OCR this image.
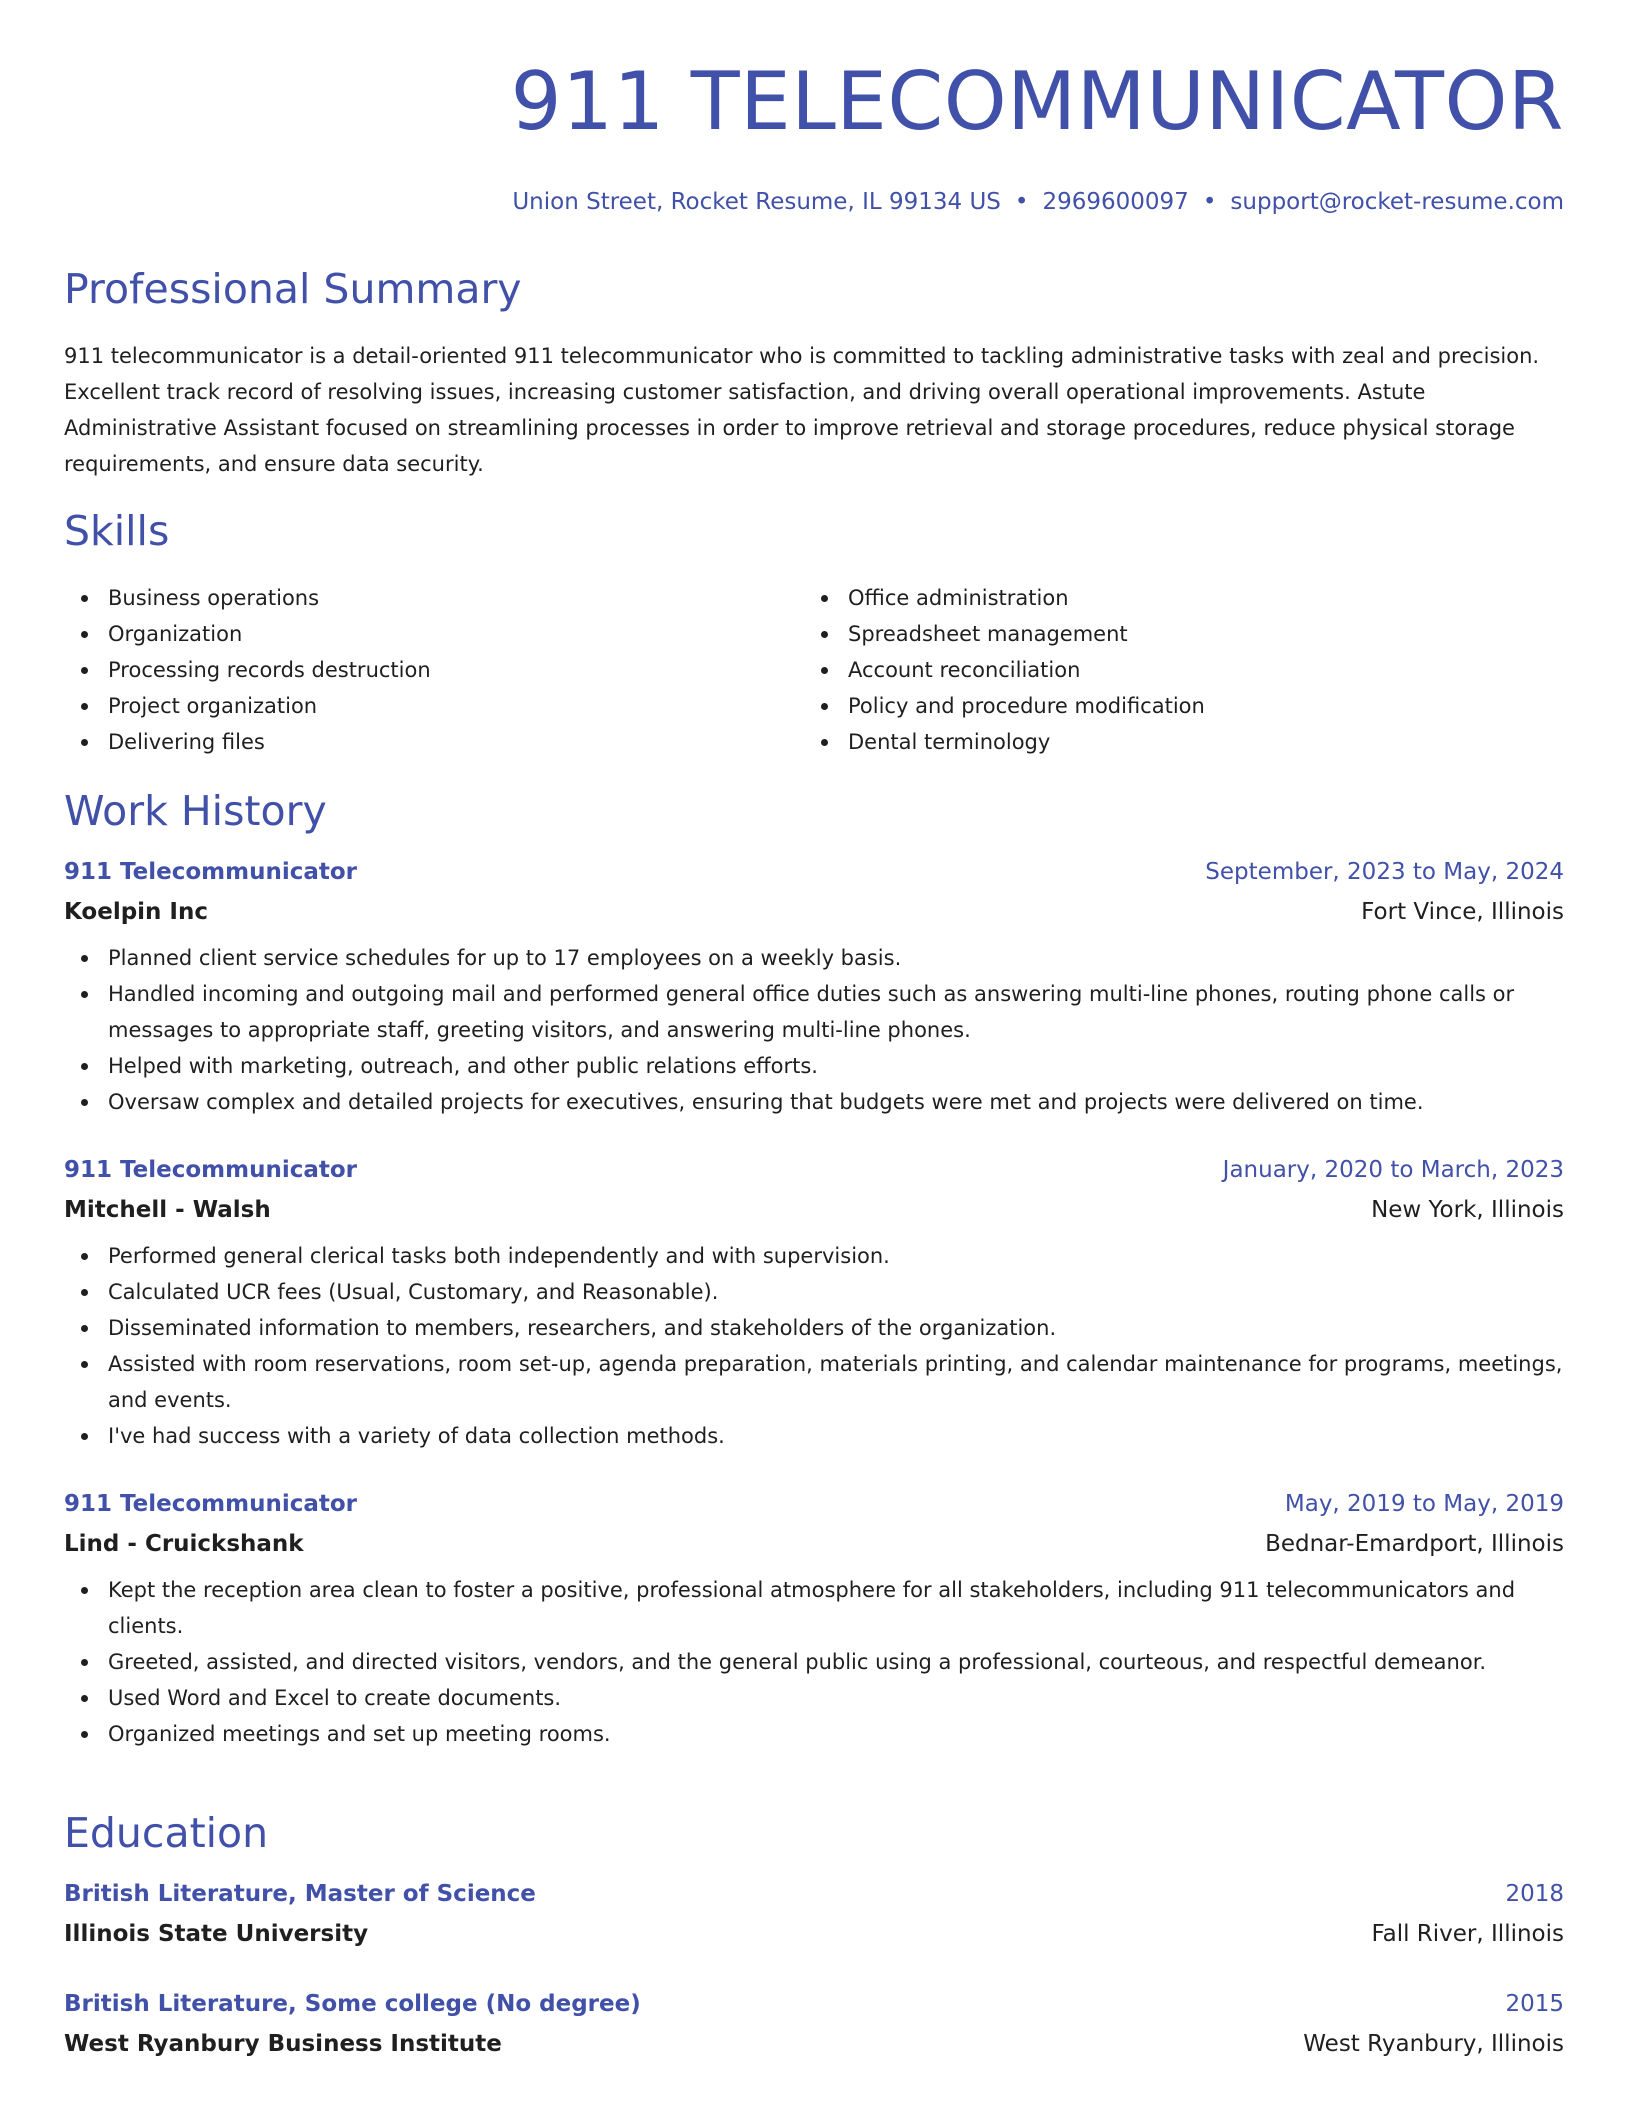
911 TELECOMMUNICATOR
Union Street, Rocket Resume, IL 99134 US • 2969600097 • support@rocket-resume.com
Professional Summary
911 telecommunicator is a detail-oriented 911 telecommunicator who is committed to tackling administrative tasks with zeal and precision. Excellent track record of resolving issues, increasing customer satisfaction, and driving overall operational improvements. Astute Administrative Assistant focused on streamlining processes in order to improve retrieval and storage procedures, reduce physical storage requirements, and ensure data security.
Skills
Business operations
Organization
Processing records destruction
Project organization
Delivering files
Office administration
Spreadsheet management
Account reconciliation
Policy and procedure modification
Dental terminology
Work History
911 Telecommunicator	September, 2023 to May, 2024
Koelpin Inc	Fort Vince, Illinois
Planned client service schedules for up to 17 employees on a weekly basis.
Handled incoming and outgoing mail and performed general office duties such as answering multi-line phones, routing phone calls or messages to appropriate staff, greeting visitors, and answering multi-line phones.
Helped with marketing, outreach, and other public relations efforts.
Oversaw complex and detailed projects for executives, ensuring that budgets were met and projects were delivered on time.
911 Telecommunicator	January, 2020 to March, 2023
Mitchell - Walsh	New York, Illinois
Performed general clerical tasks both independently and with supervision.
Calculated UCR fees (Usual, Customary, and Reasonable).
Disseminated information to members, researchers, and stakeholders of the organization.
Assisted with room reservations, room set-up, agenda preparation, materials printing, and calendar maintenance for programs, meetings, and events.
I've had success with a variety of data collection methods.
911 Telecommunicator	May, 2019 to May, 2019
Lind - Cruickshank	Bednar-Emardport, Illinois
Kept the reception area clean to foster a positive, professional atmosphere for all stakeholders, including 911 telecommunicators and clients.
Greeted, assisted, and directed visitors, vendors, and the general public using a professional, courteous, and respectful demeanor.
Used Word and Excel to create documents.
Organized meetings and set up meeting rooms.
Education
British Literature, Master of Science	2018
Illinois State University	Fall River, Illinois
British Literature, Some college (No degree)	2015
West Ryanbury Business Institute	West Ryanbury, Illinois
